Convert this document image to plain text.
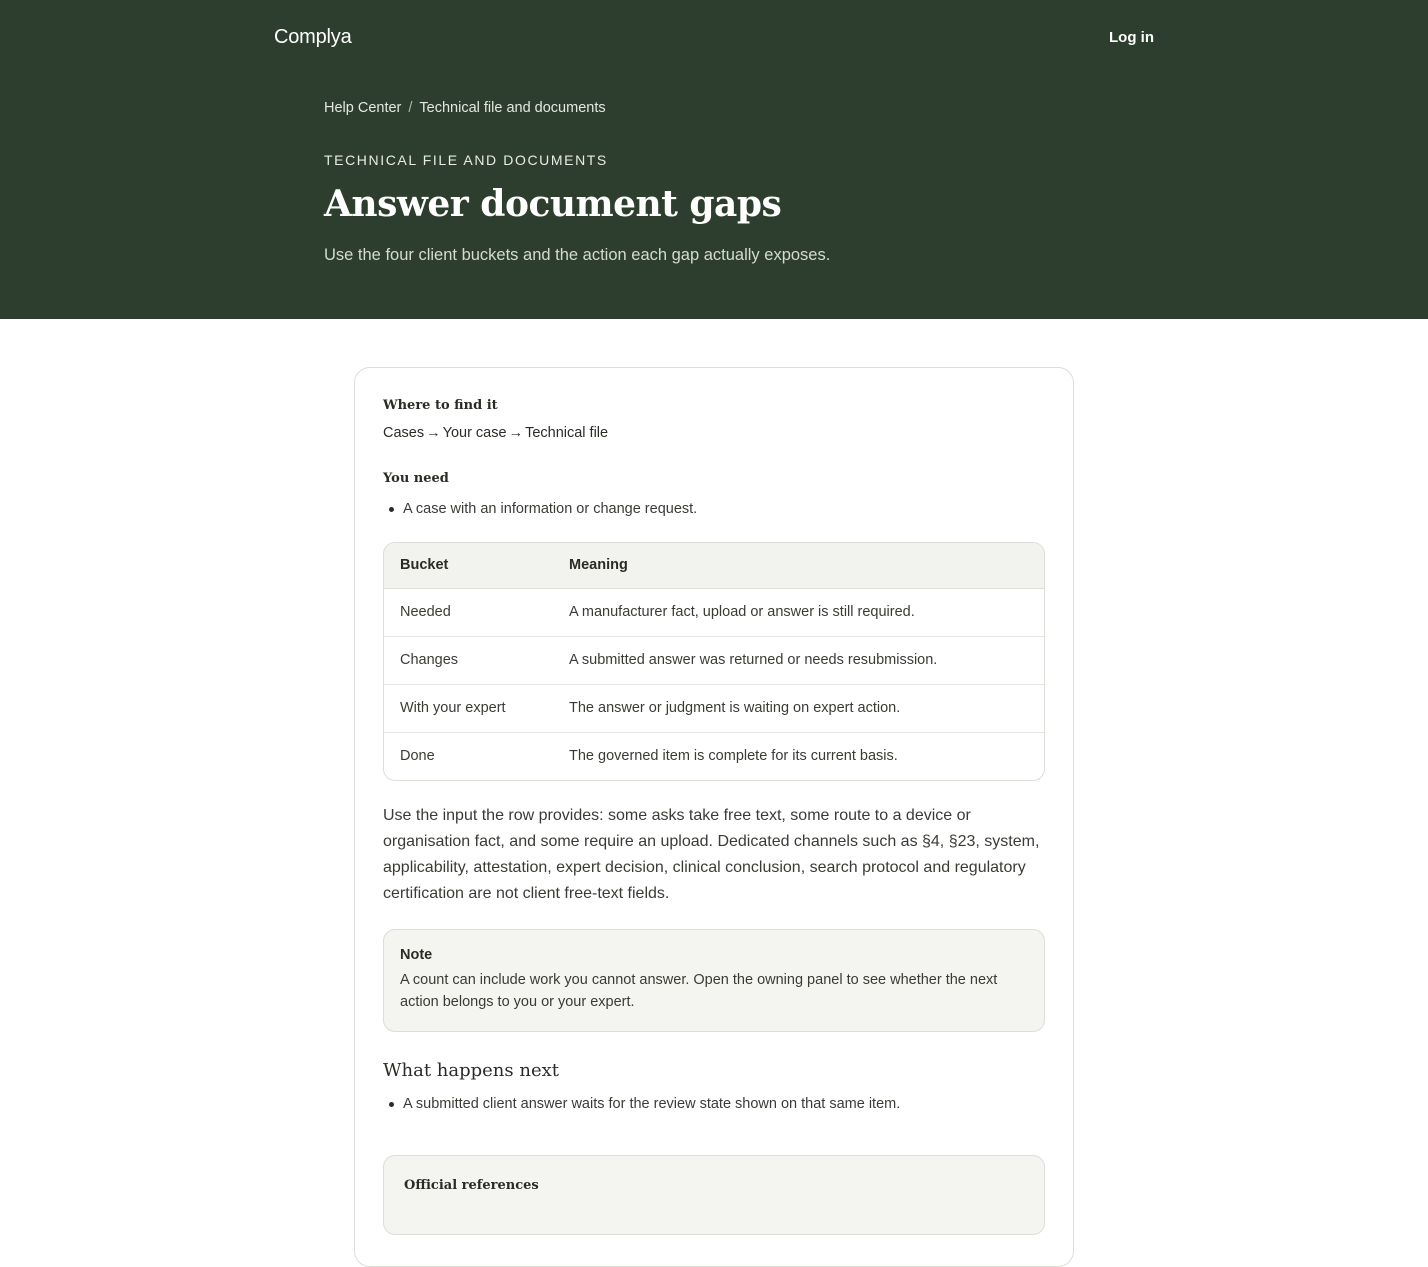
Complya	Log in
Help Center / Technical file and documents
TECHNICAL FILE AND DOCUMENTS
Answer document gaps

Use the four client buckets and the action each gap actually exposes.

Where to find it
Cases → Your case → Technical file
You need
A case with an information or change request.
Bucket	Meaning
Needed	A manufacturer fact, upload or answer is still required.
Changes	A submitted answer was returned or needs resubmission.
With your expert	The answer or judgment is waiting on expert action.
Done	The governed item is complete for its current basis.

Use the input the row provides: some asks take free text, some route to a device or organisation fact, and some require an upload. Dedicated channels such as §4, §23, system, applicability, attestation, expert decision, clinical conclusion, search protocol and regulatory certification are not client free-text fields.

Note
A count can include work you cannot answer. Open the owning panel to see whether the next action belongs to you or your expert.
What happens next
A submitted client answer waits for the review state shown on that same item.
Official references
